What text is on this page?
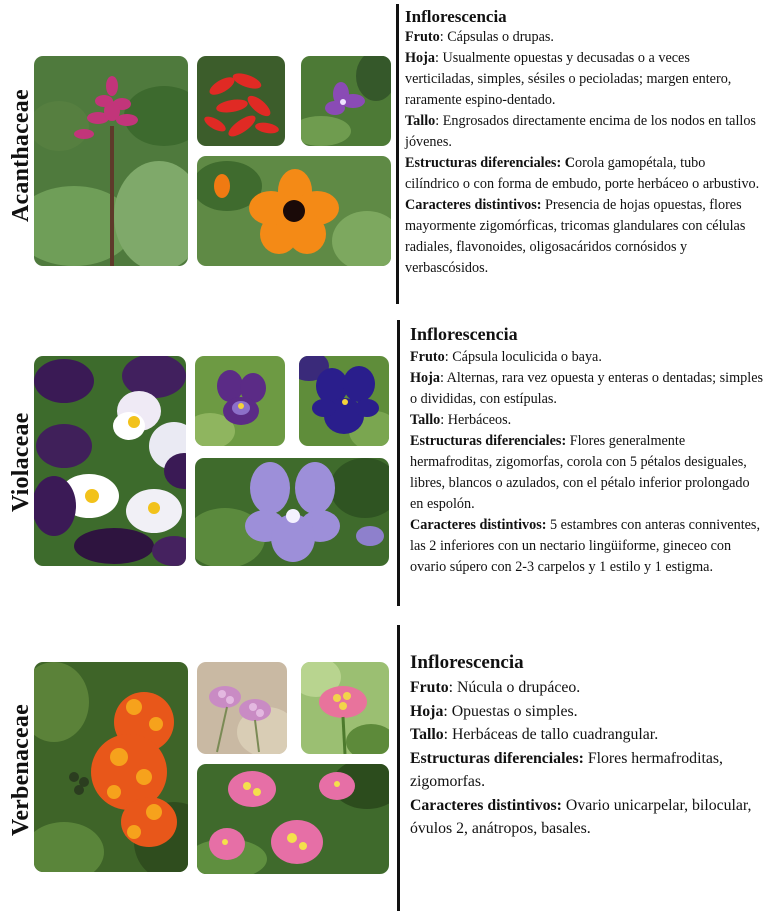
Acanthaceae

Inflorescencia

Fruto: Cápsulas o drupas.

Hoja: Usualmente opuestas y decusadas o a veces verticiladas, simples, sésiles o pecioladas; margen entero, raramente espino-dentado.

Tallo: Engrosados directamente encima de los nodos en tallos jóvenes.

Estructuras diferenciales: Corola gamopétala, tubo cilíndrico o con forma de embudo, porte herbáceo o arbustivo.

Caracteres distintivos: Presencia de hojas opuestas, flores mayormente zigomórficas, tricomas glandulares con células radiales, flavonoides, oligosacáridos cornósidos y verbascósidos.

Violaceae

Inflorescencia

Fruto: Cápsula loculicida o baya.

Hoja: Alternas, rara vez opuesta y enteras o dentadas; simples o divididas, con estípulas.

Tallo: Herbáceos.

Estructuras diferenciales: Flores generalmente hermafroditas, zigomorfas, corola con 5 pétalos desiguales, libres, blancos o azulados, con el pétalo inferior prolongado en espolón.

Caracteres distintivos: 5 estambres con anteras conniventes, las 2 inferiores con un nectario lingüiforme, gineceo con ovario súpero con 2-3 carpelos y 1 estilo y 1 estigma.

Verbenaceae

Inflorescencia

Fruto: Núcula o drupáceo.

Hoja: Opuestas o simples.

Tallo: Herbáceas de tallo cuadrangular.

Estructuras diferenciales: Flores hermafroditas, zigomorfas.

Caracteres distintivos: Ovario unicarpelar, bilocular, óvulos 2, anátropos, basales.
